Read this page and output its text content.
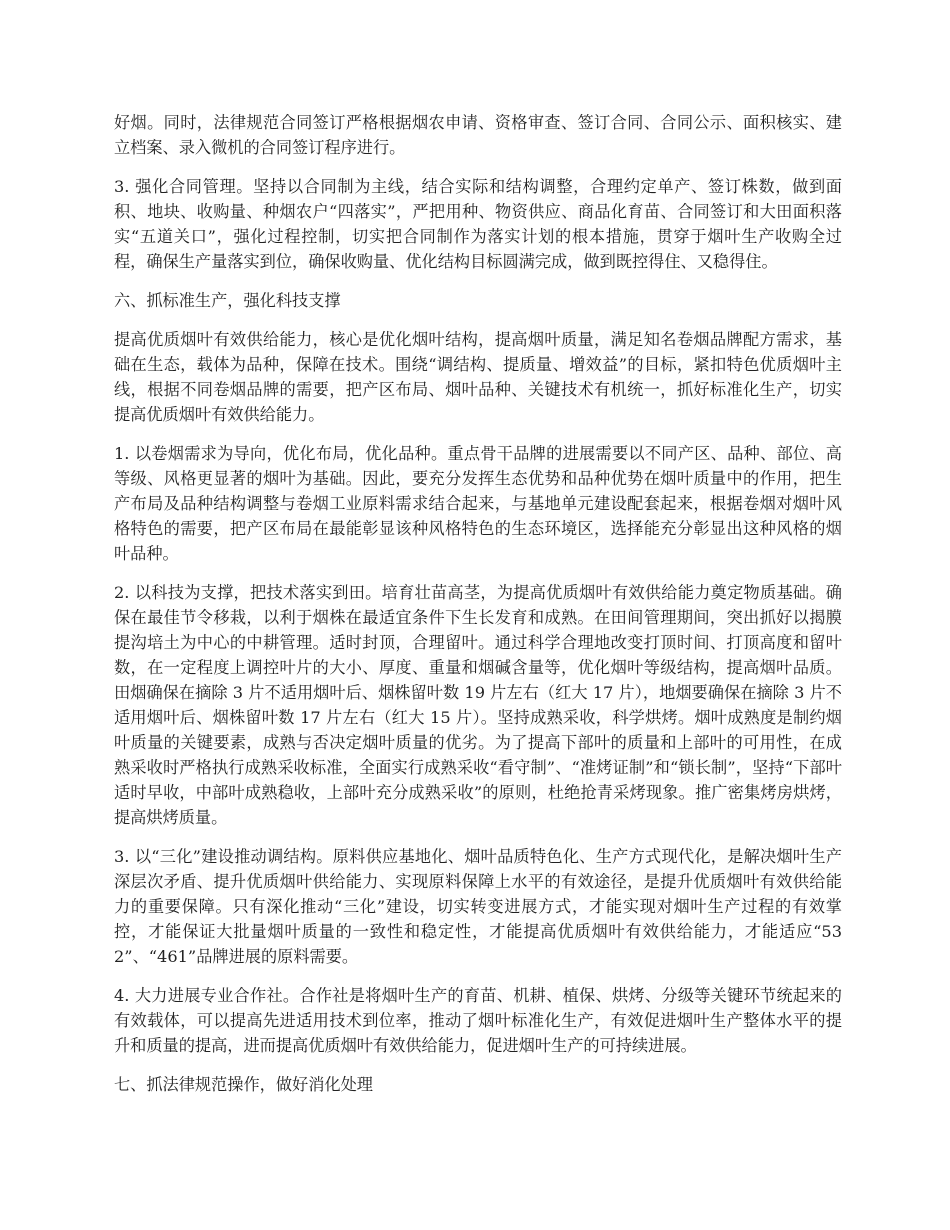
好烟。同时，法律规范合同签订严格根据烟农申请、资格审查、签订合同、合同公示、面积核实、建立档案、录入微机的合同签订程序进行。

3. 强化合同管理。坚持以合同制为主线，结合实际和结构调整，合理约定单产、签订株数，做到面积、地块、收购量、种烟农户“四落实”，严把用种、物资供应、商品化育苗、合同签订和大田面积落实“五道关口”，强化过程控制，切实把合同制作为落实计划的根本措施，贯穿于烟叶生产收购全过程，确保生产量落实到位，确保收购量、优化结构目标圆满完成，做到既控得住、又稳得住。

六、抓标准生产，强化科技支撑

提高优质烟叶有效供给能力，核心是优化烟叶结构，提高烟叶质量，满足知名卷烟品牌配方需求，基础在生态，载体为品种，保障在技术。围绕“调结构、提质量、增效益”的目标，紧扣特色优质烟叶主线，根据不同卷烟品牌的需要，把产区布局、烟叶品种、关键技术有机统一，抓好标准化生产，切实提高优质烟叶有效供给能力。

1. 以卷烟需求为导向，优化布局，优化品种。重点骨干品牌的进展需要以不同产区、品种、部位、高等级、风格更显著的烟叶为基础。因此，要充分发挥生态优势和品种优势在烟叶质量中的作用，把生产布局及品种结构调整与卷烟工业原料需求结合起来，与基地单元建设配套起来，根据卷烟对烟叶风格特色的需要，把产区布局在最能彰显该种风格特色的生态环境区，选择能充分彰显出这种风格的烟叶品种。

2. 以科技为支撑，把技术落实到田。培育壮苗高茎，为提高优质烟叶有效供给能力奠定物质基础。确保在最佳节令移栽，以利于烟株在最适宜条件下生长发育和成熟。在田间管理期间，突出抓好以揭膜提沟培土为中心的中耕管理。适时封顶，合理留叶。通过科学合理地改变打顶时间、打顶高度和留叶数，在一定程度上调控叶片的大小、厚度、重量和烟碱含量等，优化烟叶等级结构，提高烟叶品质。田烟确保在摘除 3 片不适用烟叶后、烟株留叶数 19 片左右（红大 17 片），地烟要确保在摘除 3 片不适用烟叶后、烟株留叶数 17 片左右（红大 15 片）。坚持成熟采收，科学烘烤。烟叶成熟度是制约烟叶质量的关键要素，成熟与否决定烟叶质量的优劣。为了提高下部叶的质量和上部叶的可用性，在成熟采收时严格执行成熟采收标准，全面实行成熟采收“看守制”、“准烤证制”和“锁长制”，坚持“下部叶适时早收，中部叶成熟稳收，上部叶充分成熟采收”的原则，杜绝抢青采烤现象。推广密集烤房烘烤，提高烘烤质量。

3. 以“三化”建设推动调结构。原料供应基地化、烟叶品质特色化、生产方式现代化，是解决烟叶生产深层次矛盾、提升优质烟叶供给能力、实现原料保障上水平的有效途径，是提升优质烟叶有效供给能力的重要保障。只有深化推动“三化”建设，切实转变进展方式，才能实现对烟叶生产过程的有效掌控，才能保证大批量烟叶质量的一致性和稳定性，才能提高优质烟叶有效供给能力，才能适应“532”、“461”品牌进展的原料需要。

4. 大力进展专业合作社。合作社是将烟叶生产的育苗、机耕、植保、烘烤、分级等关键环节统起来的有效载体，可以提高先进适用技术到位率，推动了烟叶标准化生产，有效促进烟叶生产整体水平的提升和质量的提高，进而提高优质烟叶有效供给能力，促进烟叶生产的可持续进展。

七、抓法律规范操作，做好消化处理
